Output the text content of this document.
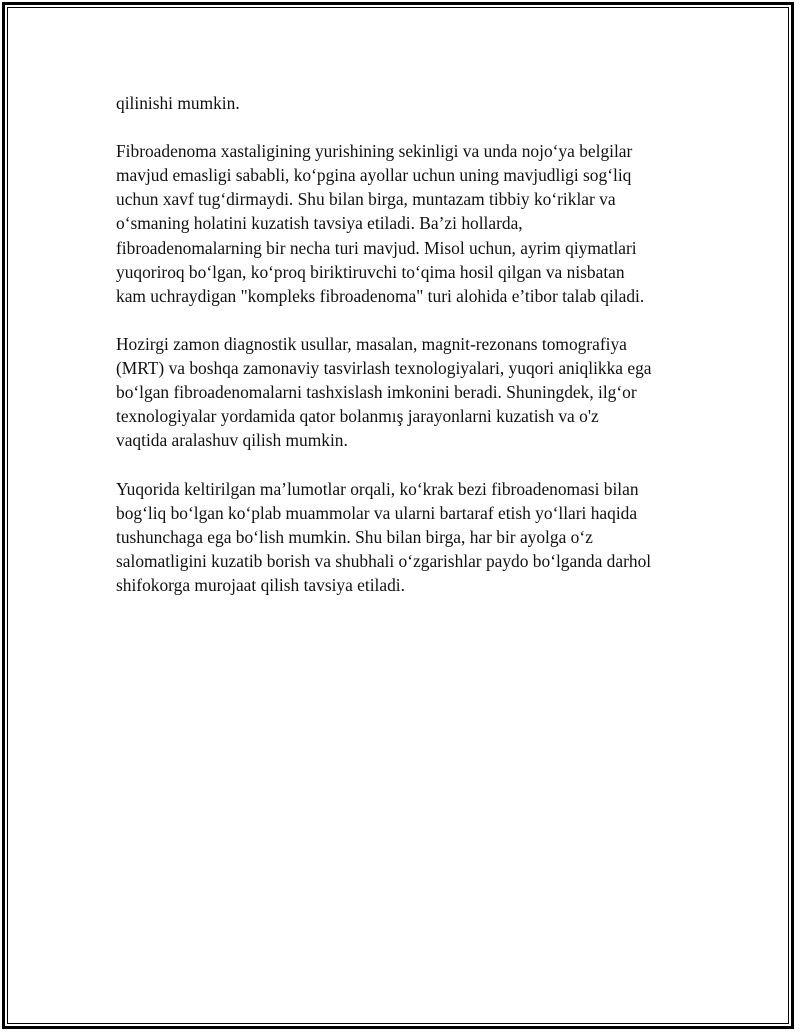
qilinishi mumkin.

Fibroadenoma xastaligining yurishining sekinligi va unda nojo‘ya belgilar
mavjud emasligi sababli, ko‘pgina ayollar uchun uning mavjudligi sog‘liq
uchun xavf tug‘dirmaydi. Shu bilan birga, muntazam tibbiy ko‘riklar va
o‘smaning holatini kuzatish tavsiya etiladi. Ba’zi hollarda,
fibroadenomalarning bir necha turi mavjud. Misol uchun, ayrim qiymatlari
yuqoriroq bo‘lgan, ko‘proq biriktiruvchi to‘qima hosil qilgan va nisbatan
kam uchraydigan "kompleks fibroadenoma" turi alohida e’tibor talab qiladi.

Hozirgi zamon diagnostik usullar, masalan, magnit-rezonans tomografiya
(MRT) va boshqa zamonaviy tasvirlash texnologiyalari, yuqori aniqlikka ega
bo‘lgan fibroadenomalarni tashxislash imkonini beradi. Shuningdek, ilg‘or
texnologiyalar yordamida qator bolanmış jarayonlarni kuzatish va o'z
vaqtida aralashuv qilish mumkin.

Yuqorida keltirilgan ma’lumotlar orqali, ko‘krak bezi fibroadenomasi bilan
bog‘liq bo‘lgan ko‘plab muammolar va ularni bartaraf etish yo‘llari haqida
tushunchaga ega bo‘lish mumkin. Shu bilan birga, har bir ayolga o‘z
salomatligini kuzatib borish va shubhali o‘zgarishlar paydo bo‘lganda darhol
shifokorga murojaat qilish tavsiya etiladi.
